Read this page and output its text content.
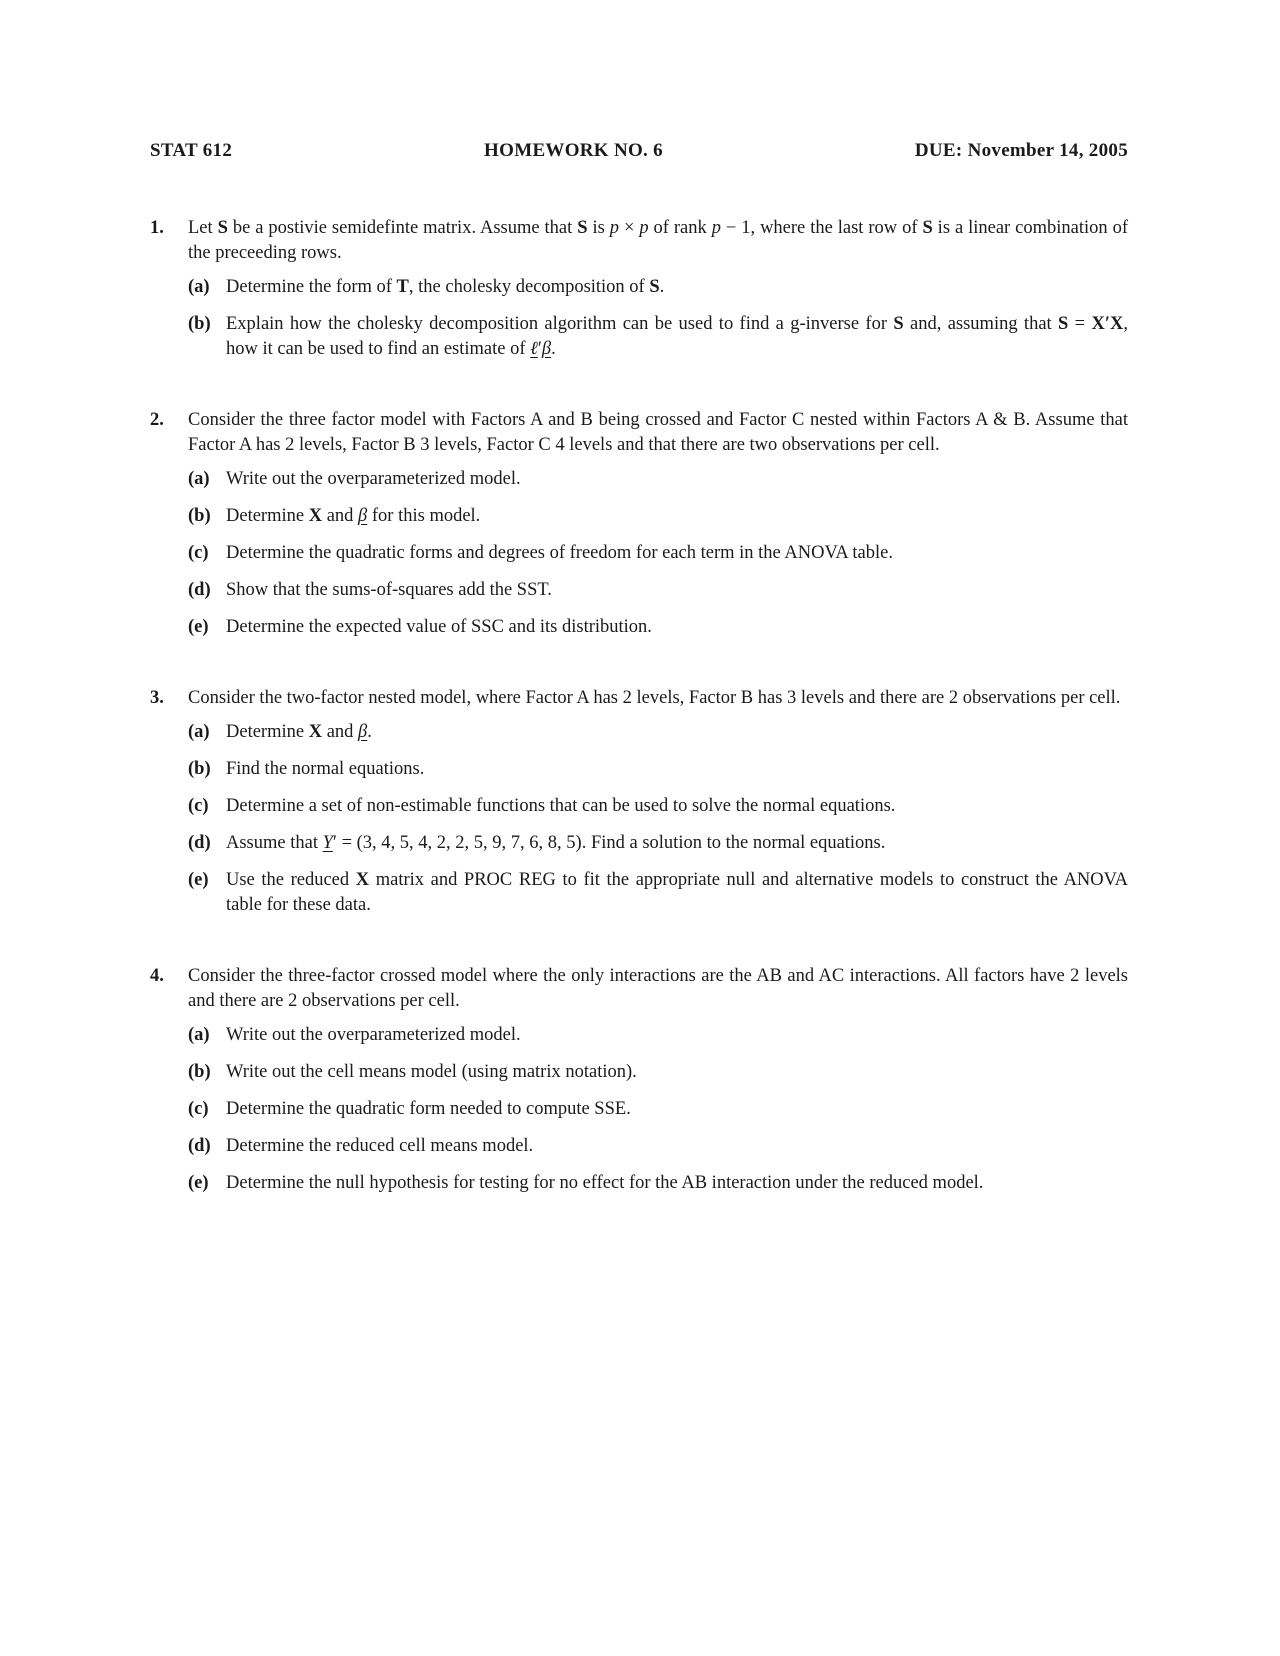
STAT 612	HOMEWORK NO. 6	DUE: November 14, 2005
1.	Let S be a postivie semidefinte matrix. Assume that S is p × p of rank p − 1, where the last row of S is a linear combination of the preceeding rows.
(a) Determine the form of T, the cholesky decomposition of S.
(b) Explain how the cholesky decomposition algorithm can be used to find a g-inverse for S and, assuming that S = X′X, how it can be used to find an estimate of ℓ′β.
2.	Consider the three factor model with Factors A and B being crossed and Factor C nested within Factors A & B. Assume that Factor A has 2 levels, Factor B 3 levels, Factor C 4 levels and that there are two observations per cell.
(a) Write out the overparameterized model.
(b) Determine X and β for this model.
(c) Determine the quadratic forms and degrees of freedom for each term in the ANOVA table.
(d) Show that the sums-of-squares add the SST.
(e) Determine the expected value of SSC and its distribution.
3.	Consider the two-factor nested model, where Factor A has 2 levels, Factor B has 3 levels and there are 2 observations per cell.
(a) Determine X and β.
(b) Find the normal equations.
(c) Determine a set of non-estimable functions that can be used to solve the normal equations.
(d) Assume that Y′ = (3, 4, 5, 4, 2, 2, 5, 9, 7, 6, 8, 5). Find a solution to the normal equations.
(e) Use the reduced X matrix and PROC REG to fit the appropriate null and alternative models to construct the ANOVA table for these data.
4.	Consider the three-factor crossed model where the only interactions are the AB and AC interactions. All factors have 2 levels and there are 2 observations per cell.
(a) Write out the overparameterized model.
(b) Write out the cell means model (using matrix notation).
(c) Determine the quadratic form needed to compute SSE.
(d) Determine the reduced cell means model.
(e) Determine the null hypothesis for testing for no effect for the AB interaction under the reduced model.
